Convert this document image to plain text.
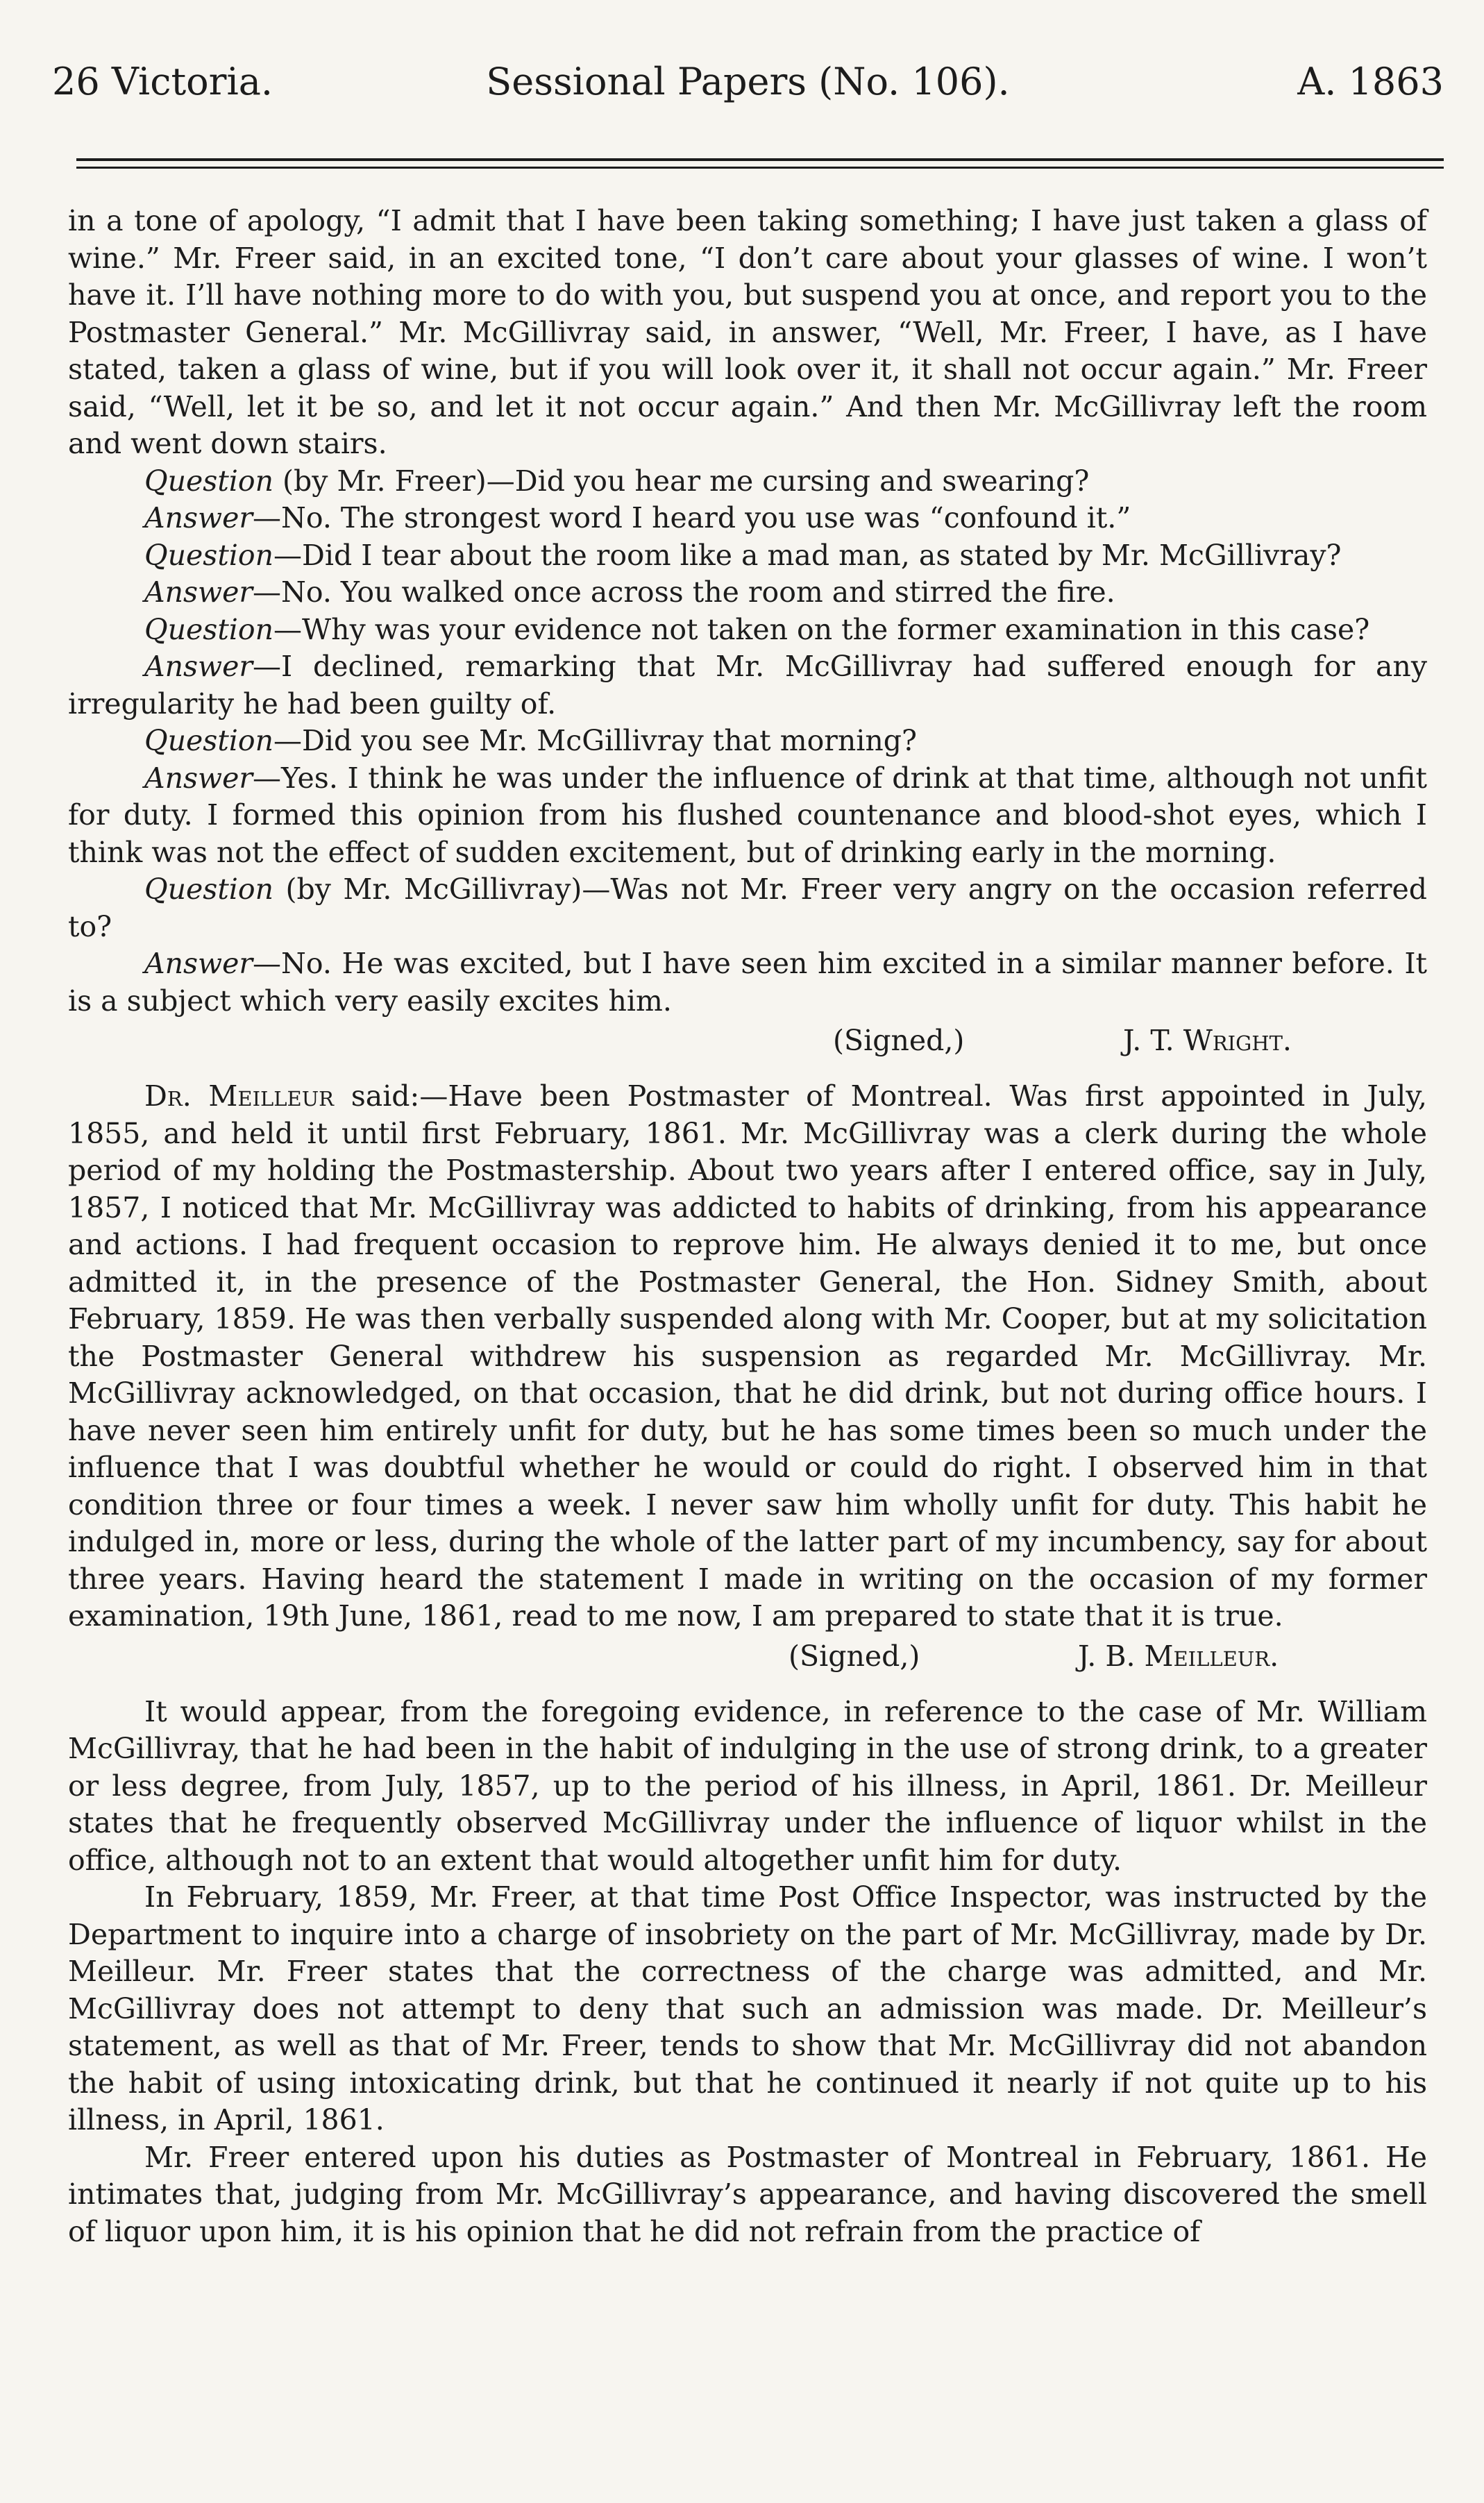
26 Victoria.	Sessional Papers (No. 106).	A. 1863

in a tone of apology, “I admit that I have been taking something; I have just taken a glass of wine.” Mr. Freer said, in an excited tone, “I don’t care about your glasses of wine. I won’t have it. I’ll have nothing more to do with you, but suspend you at once, and report you to the Postmaster General.” Mr. McGillivray said, in answer, “Well, Mr. Freer, I have, as I have stated, taken a glass of wine, but if you will look over it, it shall not occur again.” Mr. Freer said, “Well, let it be so, and let it not occur again.” And then Mr. McGillivray left the room and went down stairs.

Question (by Mr. Freer)—Did you hear me cursing and swearing?

Answer—No. The strongest word I heard you use was “confound it.”

Question—Did I tear about the room like a mad man, as stated by Mr. McGillivray?

Answer—No. You walked once across the room and stirred the fire.

Question—Why was your evidence not taken on the former examination in this case?

Answer—I declined, remarking that Mr. McGillivray had suffered enough for any irregularity he had been guilty of.

Question—Did you see Mr. McGillivray that morning?

Answer—Yes. I think he was under the influence of drink at that time, although not unfit for duty. I formed this opinion from his flushed countenance and blood-shot eyes, which I think was not the effect of sudden excitement, but of drinking early in the morning.

Question (by Mr. McGillivray)—Was not Mr. Freer very angry on the occasion referred to?

Answer—No. He was excited, but I have seen him excited in a similar manner before. It is a subject which very easily excites him.

(Signed,)	J. T. Wright.

Dr. Meilleur said:—Have been Postmaster of Montreal. Was first appointed in July, 1855, and held it until first February, 1861. Mr. McGillivray was a clerk during the whole period of my holding the Postmastership. About two years after I entered office, say in July, 1857, I noticed that Mr. McGillivray was addicted to habits of drinking, from his appearance and actions. I had frequent occasion to reprove him. He always denied it to me, but once admitted it, in the presence of the Postmaster General, the Hon. Sidney Smith, about February, 1859. He was then verbally suspended along with Mr. Cooper, but at my solicitation the Postmaster General withdrew his suspension as regarded Mr. McGillivray. Mr. McGillivray acknowledged, on that occasion, that he did drink, but not during office hours. I have never seen him entirely unfit for duty, but he has some times been so much under the influence that I was doubtful whether he would or could do right. I observed him in that condition three or four times a week. I never saw him wholly unfit for duty. This habit he indulged in, more or less, during the whole of the latter part of my incumbency, say for about three years. Having heard the statement I made in writing on the occasion of my former examination, 19th June, 1861, read to me now, I am prepared to state that it is true.

(Signed,)	J. B. Meilleur.

It would appear, from the foregoing evidence, in reference to the case of Mr. William McGillivray, that he had been in the habit of indulging in the use of strong drink, to a greater or less degree, from July, 1857, up to the period of his illness, in April, 1861. Dr. Meilleur states that he frequently observed McGillivray under the influence of liquor whilst in the office, although not to an extent that would altogether unfit him for duty.

In February, 1859, Mr. Freer, at that time Post Office Inspector, was instructed by the Department to inquire into a charge of insobriety on the part of Mr. McGillivray, made by Dr. Meilleur. Mr. Freer states that the correctness of the charge was admitted, and Mr. McGillivray does not attempt to deny that such an admission was made. Dr. Meilleur’s statement, as well as that of Mr. Freer, tends to show that Mr. McGillivray did not abandon the habit of using intoxicating drink, but that he continued it nearly if not quite up to his illness, in April, 1861.

Mr. Freer entered upon his duties as Postmaster of Montreal in February, 1861. He intimates that, judging from Mr. McGillivray’s appearance, and having discovered the smell of liquor upon him, it is his opinion that he did not refrain from the practice of
